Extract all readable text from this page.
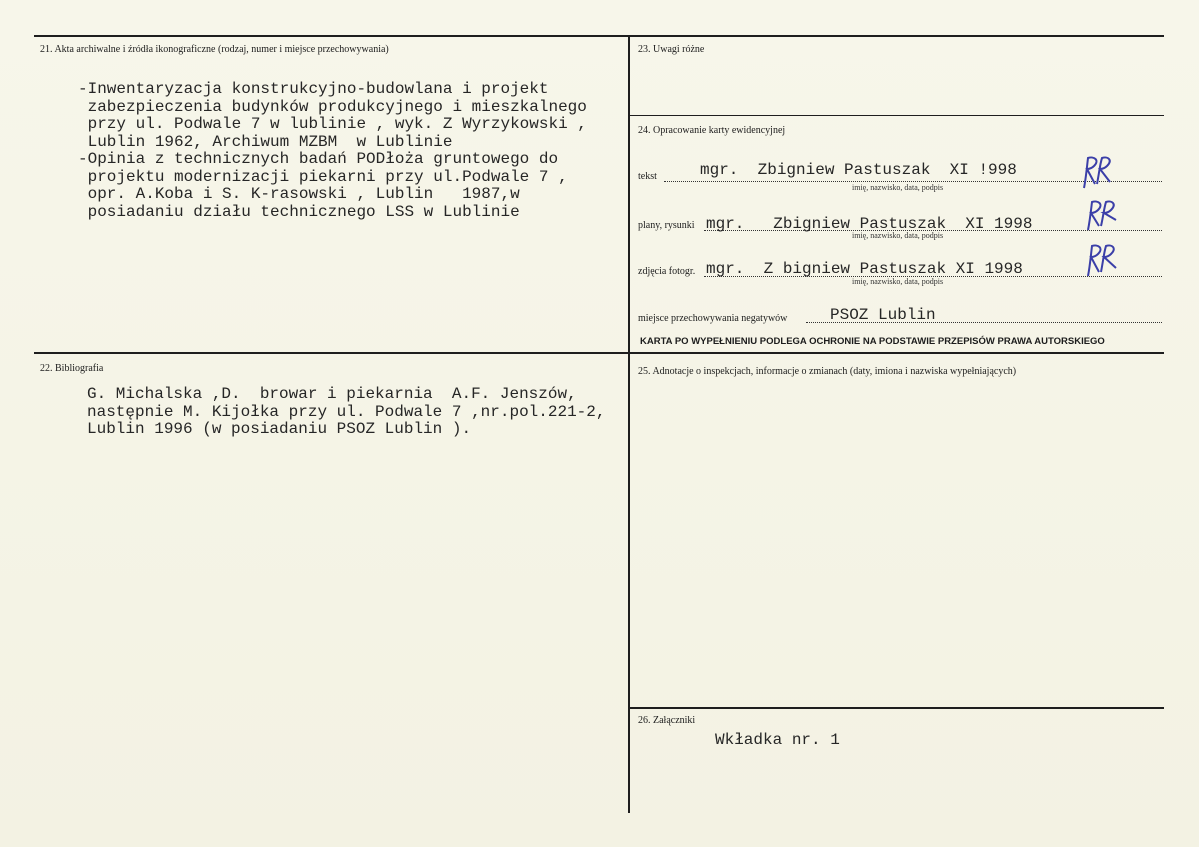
21. Akta archiwalne i źródła ikonograficzne (rodzaj, numer i miejsce przechowywania)
-Inwentaryzacja konstrukcyjno-budowlana i projekt
zabezpieczenia budynków produkcyjnego i mieszkalnego
przy ul. Podwale 7 w lublinie , wyk. Z Wyrzykowski ,
Lublin 1962, Archiwum MZBM  w Lublinie
-Opinia z technicznych badań PODłoża gruntowego do
projektu modernizacji piekarni przy ul.Podwale 7 ,
opr. A.Koba i S. K-rasowski , Lublin   1987,w
posiadaniu działu technicznego LSS w Lublinie
22. Bibliografia
G. Michalska ,D.  browar i piekarnia  A.F. Jenszów,
następnie M. Kijołka przy ul. Podwale 7 ,nr.pol.221-2,
Lublin 1996 (w posiadaniu PSOZ Lublin ).
23. Uwagi różne
24. Opracowanie karty ewidencyjnej
tekst	mgr.  Zbigniew Pastuszak  XI !998
imię, nazwisko, data, podpis
plany, rysunki mgr.   Zbigniew Pastuszak  XI 1998
imię, nazwisko, data, podpis
zdjęcia fotogr. mgr.  Z bigniew Pastuszak XI 1998
imię, nazwisko, data, podpis
miejsce przechowywania negatywów	PSOZ Lublin
KARTA PO WYPEŁNIENIU PODLEGA OCHRONIE NA PODSTAWIE PRZEPISÓW PRAWA AUTORSKIEGO
25. Adnotacje o inspekcjach, informacje o zmianach (daty, imiona i nazwiska wypełniających)
26. Załączniki
Wkładka nr. 1
